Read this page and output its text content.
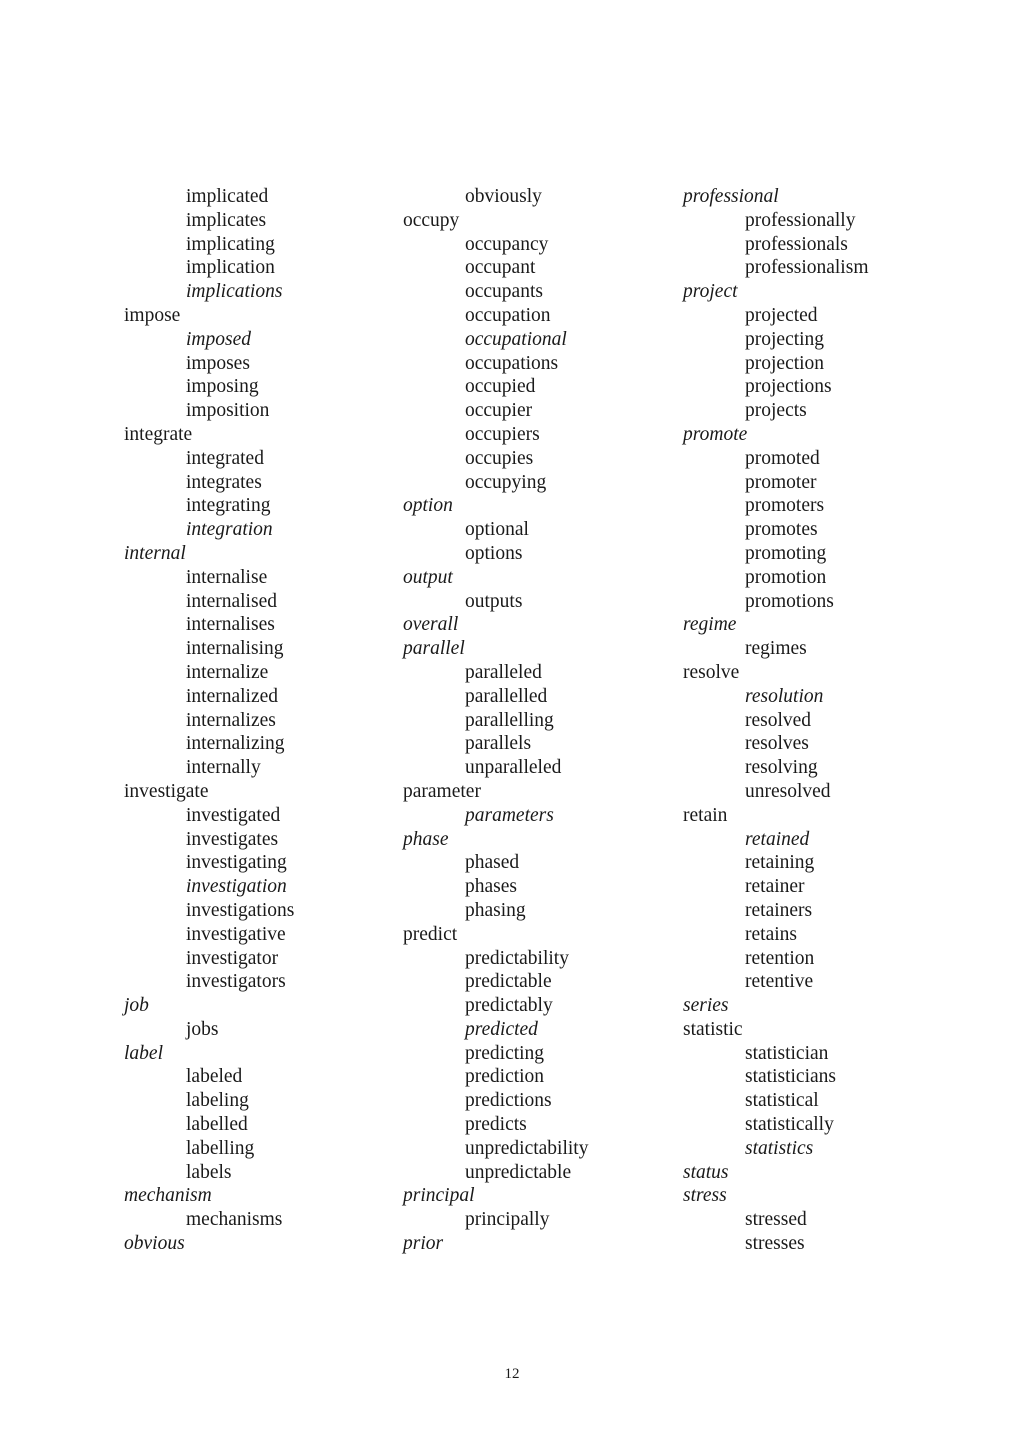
implicated
implicates
implicating
implication
implications
impose
imposed
imposes
imposing
imposition
integrate
integrated
integrates
integrating
integration
internal
internalise
internalised
internalises
internalising
internalize
internalized
internalizes
internalizing
internally
investigate
investigated
investigates
investigating
investigation
investigations
investigative
investigator
investigators
job
jobs
label
labeled
labeling
labelled
labelling
labels
mechanism
mechanisms
obvious
obviously
occupy
occupancy
occupant
occupants
occupation
occupational
occupations
occupied
occupier
occupiers
occupies
occupying
option
optional
options
output
outputs
overall
parallel
paralleled
parallelled
parallelling
parallels
unparalleled
parameter
parameters
phase
phased
phases
phasing
predict
predictability
predictable
predictably
predicted
predicting
prediction
predictions
predicts
unpredictability
unpredictable
principal
principally
prior
professional
professionally
professionals
professionalism
project
projected
projecting
projection
projections
projects
promote
promoted
promoter
promoters
promotes
promoting
promotion
promotions
regime
regimes
resolve
resolution
resolved
resolves
resolving
unresolved
retain
retained
retaining
retainer
retainers
retains
retention
retentive
series
statistic
statistician
statisticians
statistical
statistically
statistics
status
stress
stressed
stresses
12
